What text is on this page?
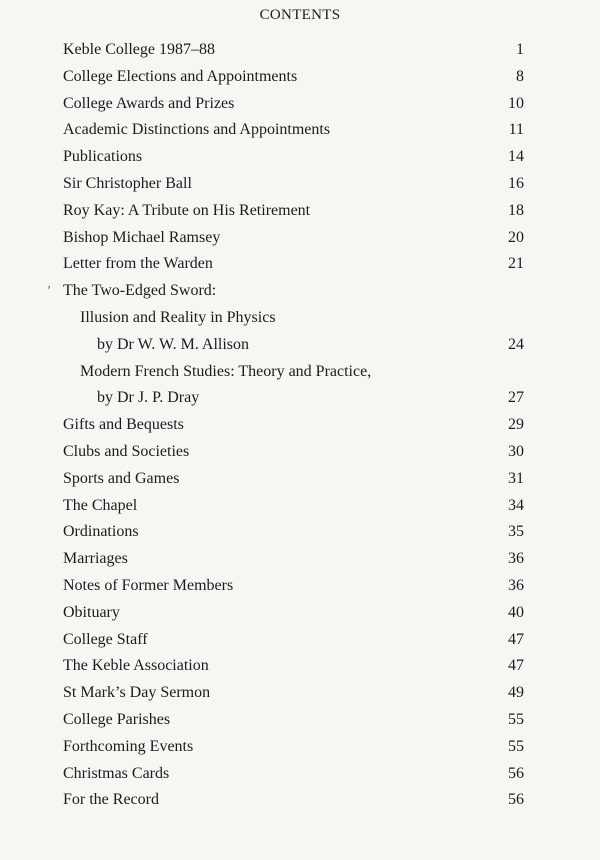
CONTENTS
ʼ
Keble College 1987–88	1
College Elections and Appointments	8
College Awards and Prizes	10
Academic Distinctions and Appointments	11
Publications	14
Sir Christopher Ball	16
Roy Kay: A Tribute on His Retirement	18
Bishop Michael Ramsey	20
Letter from the Warden	21
The Two-Edged Sword:
Illusion and Reality in Physics
by Dr W. W. M. Allison	24
Modern French Studies: Theory and Practice,
by Dr J. P. Dray	27
Gifts and Bequests	29
Clubs and Societies	30
Sports and Games	31
The Chapel	34
Ordinations	35
Marriages	36
Notes of Former Members	36
Obituary	40
College Staff	47
The Keble Association	47
St Mark’s Day Sermon	49
College Parishes	55
Forthcoming Events	55
Christmas Cards	56
For the Record	56
